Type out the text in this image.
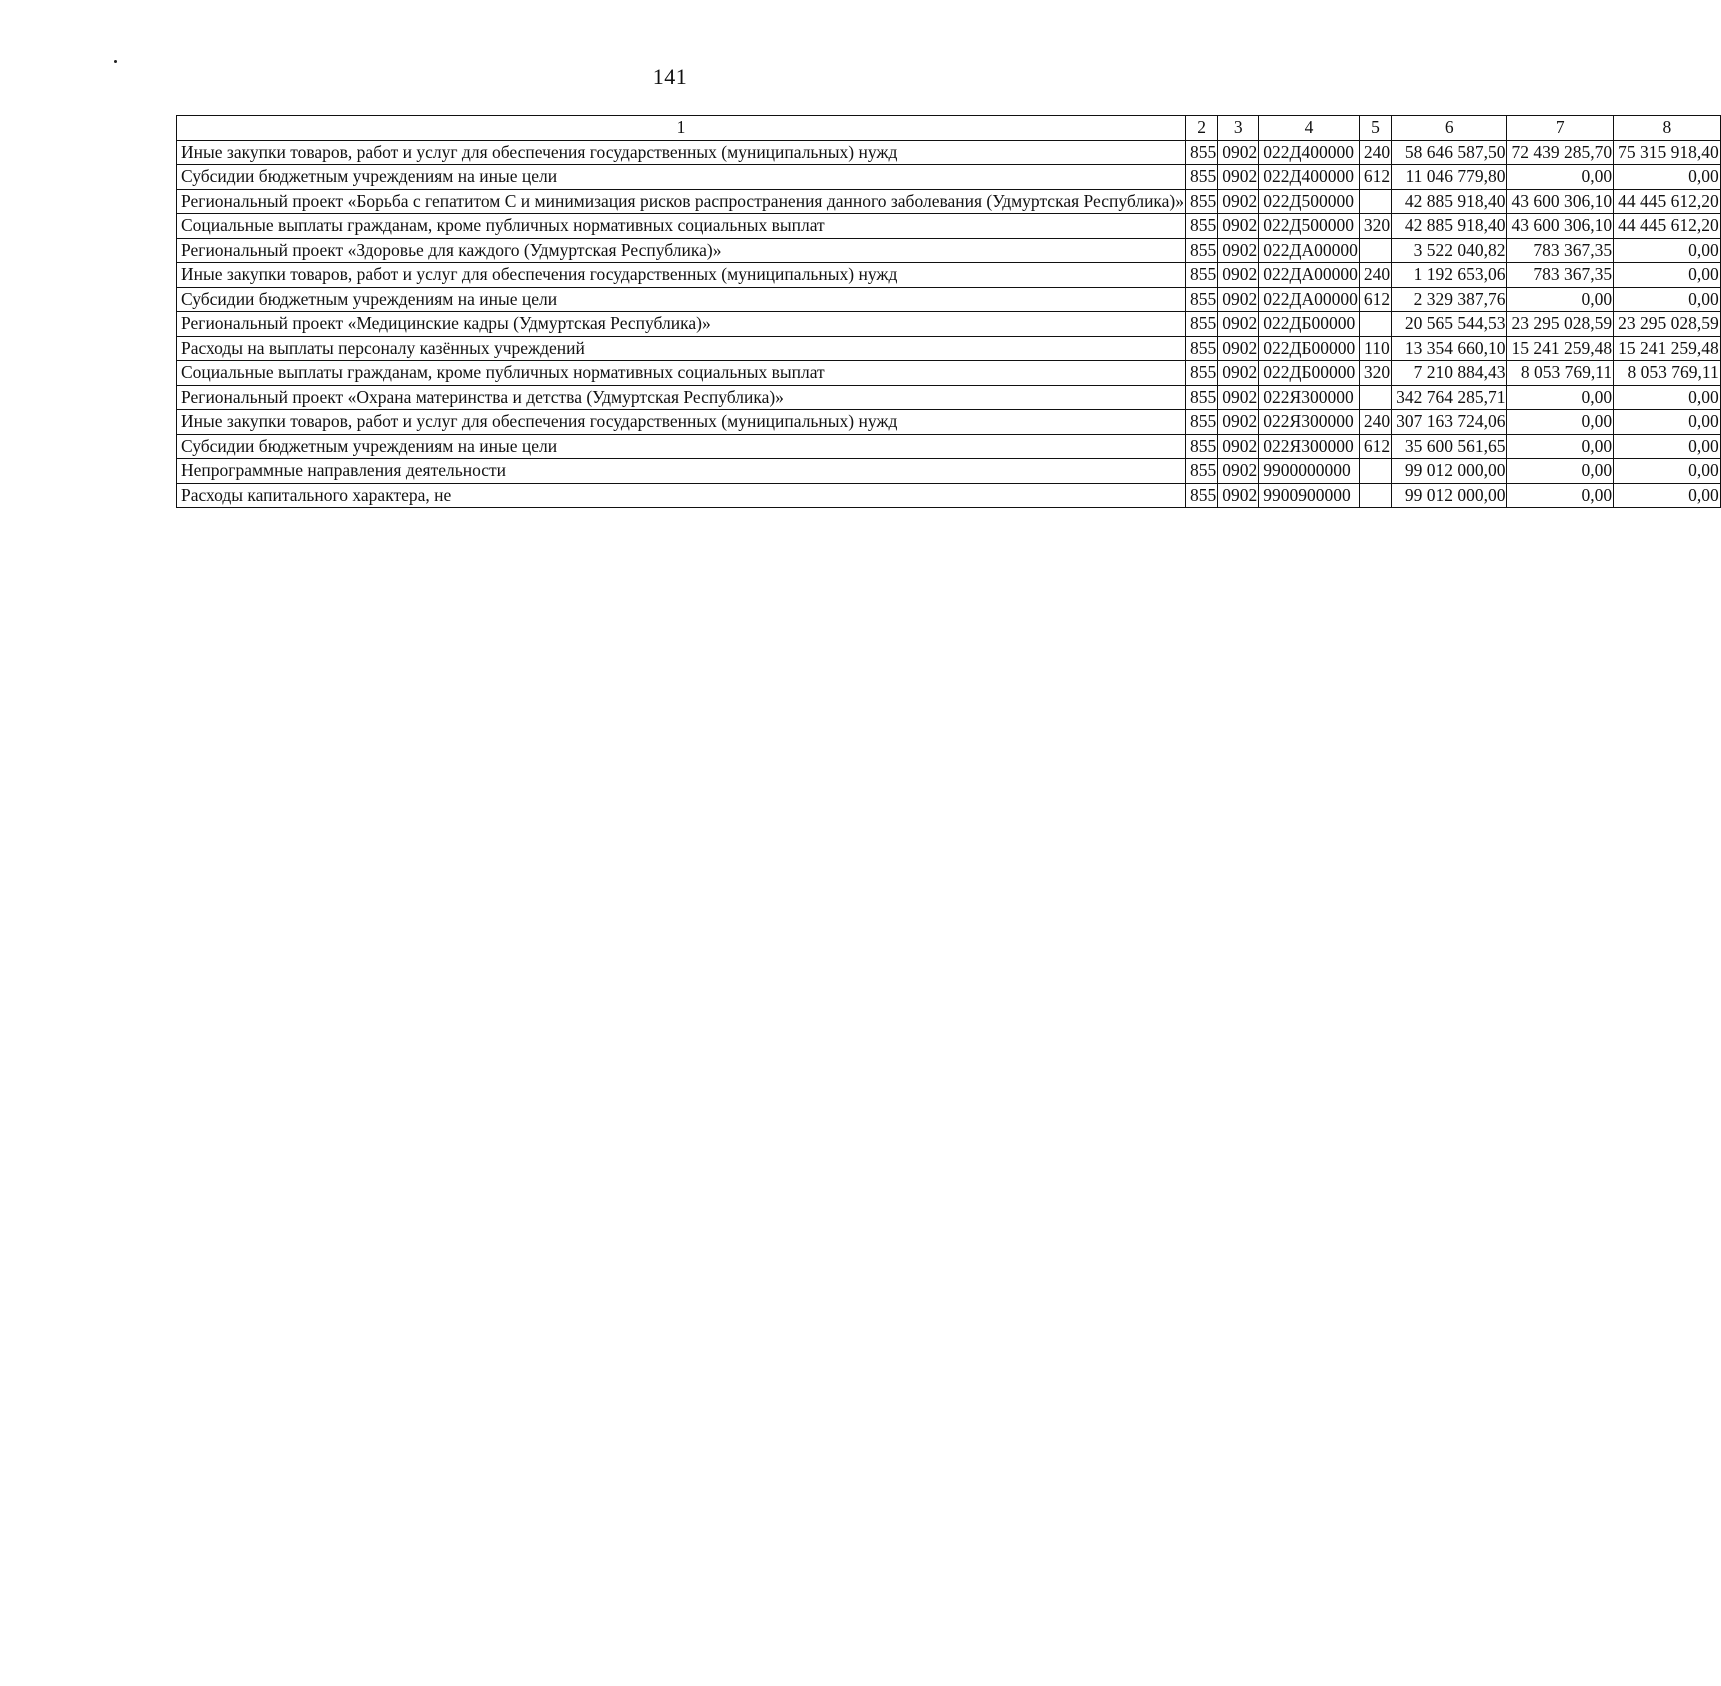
141
1	2	3	4	5	6	7	8
Иные закупки товаров, работ и услуг для обеспечения государственных (муниципальных) нужд	855	0902	022Д400000	240	58 646 587,50	72 439 285,70	75 315 918,40
Субсидии бюджетным учреждениям на иные цели	855	0902	022Д400000	612	11 046 779,80	0,00	0,00
Региональный проект «Борьба с гепатитом С и минимизация рисков распространения данного заболевания (Удмуртская Республика)»	855	0902	022Д500000		42 885 918,40	43 600 306,10	44 445 612,20
Социальные выплаты гражданам, кроме публичных нормативных социальных выплат	855	0902	022Д500000	320	42 885 918,40	43 600 306,10	44 445 612,20
Региональный проект «Здоровье для каждого (Удмуртская Республика)»	855	0902	022ДА00000		3 522 040,82	783 367,35	0,00
Иные закупки товаров, работ и услуг для обеспечения государственных (муниципальных) нужд	855	0902	022ДА00000	240	1 192 653,06	783 367,35	0,00
Субсидии бюджетным учреждениям на иные цели	855	0902	022ДА00000	612	2 329 387,76	0,00	0,00
Региональный проект «Медицинские кадры (Удмуртская Республика)»	855	0902	022ДБ00000		20 565 544,53	23 295 028,59	23 295 028,59
Расходы на выплаты персоналу казённых учреждений	855	0902	022ДБ00000	110	13 354 660,10	15 241 259,48	15 241 259,48
Социальные выплаты гражданам, кроме публичных нормативных социальных выплат	855	0902	022ДБ00000	320	7 210 884,43	8 053 769,11	8 053 769,11
Региональный проект «Охрана материнства и детства (Удмуртская Республика)»	855	0902	022Я300000		342 764 285,71	0,00	0,00
Иные закупки товаров, работ и услуг для обеспечения государственных (муниципальных) нужд	855	0902	022Я300000	240	307 163 724,06	0,00	0,00
Субсидии бюджетным учреждениям на иные цели	855	0902	022Я300000	612	35 600 561,65	0,00	0,00
Непрограммные направления деятельности	855	0902	9900000000		99 012 000,00	0,00	0,00
Расходы капитального характера, не	855	0902	9900900000		99 012 000,00	0,00	0,00
